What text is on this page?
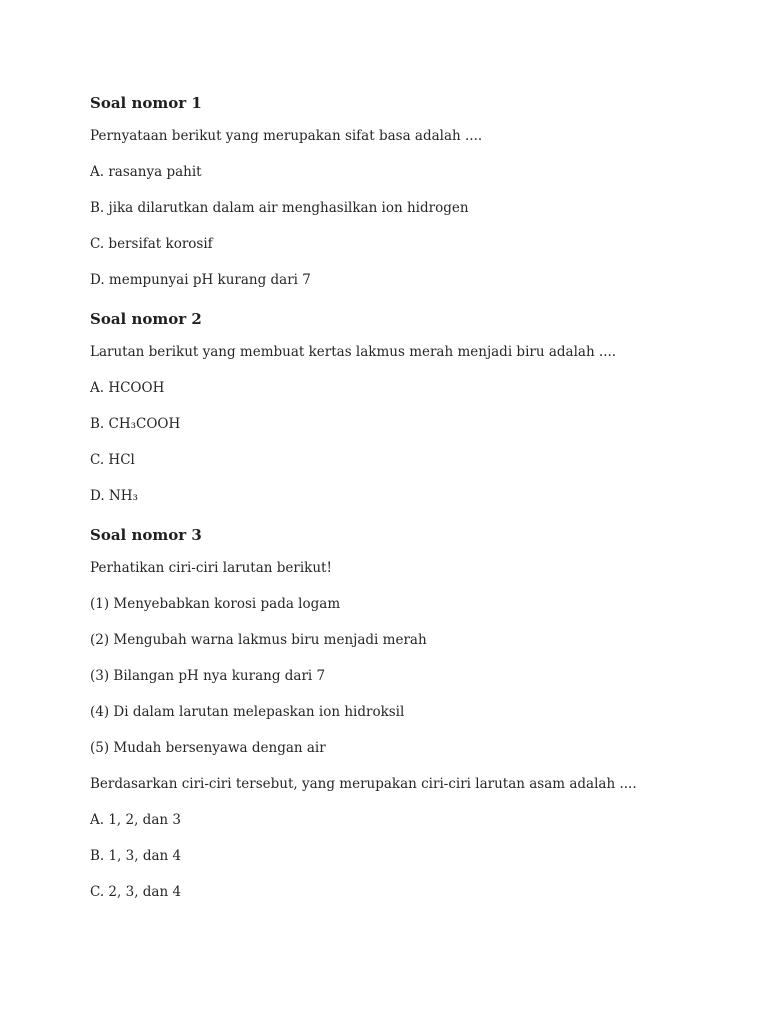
Soal nomor 1
Pernyataan berikut yang merupakan sifat basa adalah ....
A. rasanya pahit
B. jika dilarutkan dalam air menghasilkan ion hidrogen
C. bersifat korosif
D. mempunyai pH kurang dari 7
Soal nomor 2
Larutan berikut yang membuat kertas lakmus merah menjadi biru adalah ....
A. HCOOH
B. CH₃COOH
C. HCl
D. NH₃
Soal nomor 3
Perhatikan ciri-ciri larutan berikut!
(1) Menyebabkan korosi pada logam
(2) Mengubah warna lakmus biru menjadi merah
(3) Bilangan pH nya kurang dari 7
(4) Di dalam larutan melepaskan ion hidroksil
(5) Mudah bersenyawa dengan air
Berdasarkan ciri-ciri tersebut, yang merupakan ciri-ciri larutan asam adalah ....
A. 1, 2, dan 3
B. 1, 3, dan 4
C. 2, 3, dan 4
